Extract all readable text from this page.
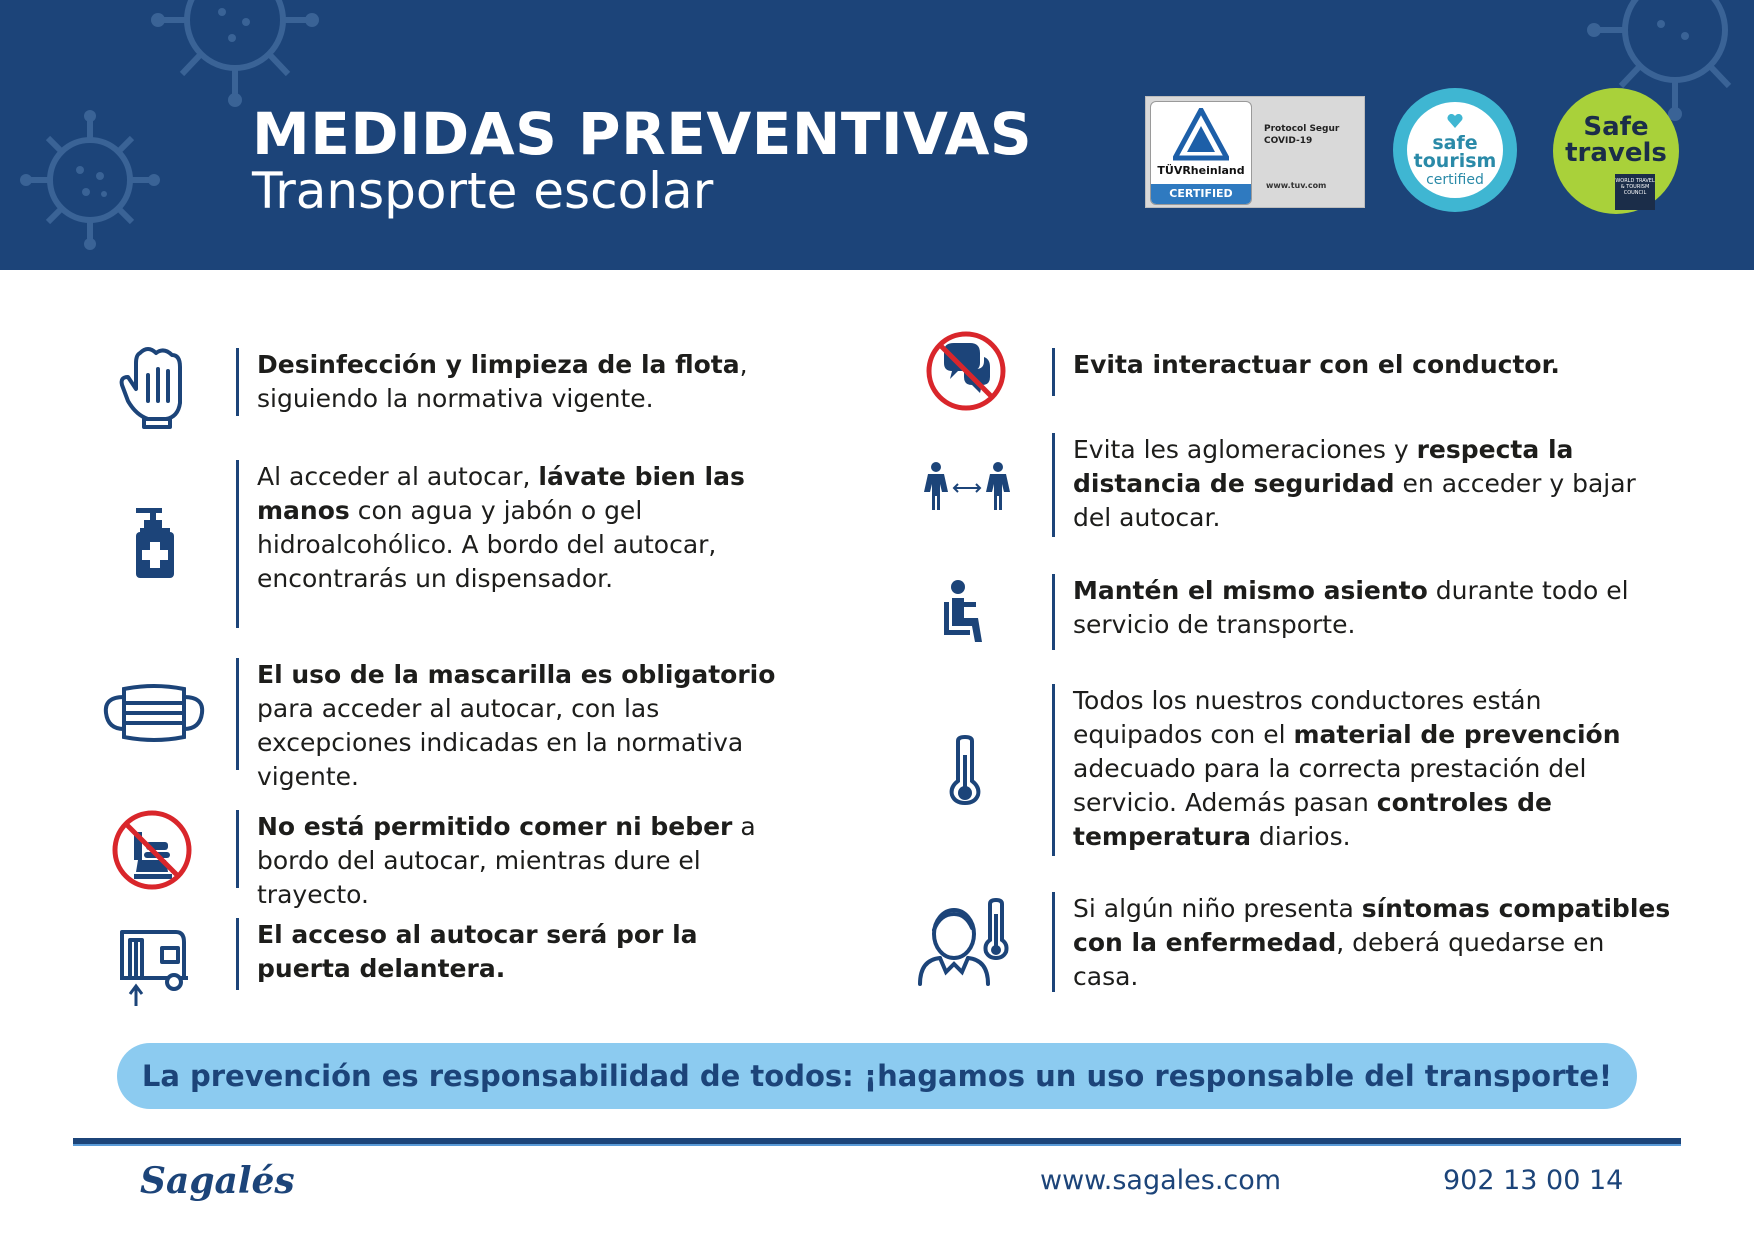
MEDIDAS PREVENTIVAS
Transporte escolar	TÜVRheinland
CERTIFIED
Protocol Segur COVID-19
www.tuv.com
safe
tourism
certified
Safe
travels
WORLD TRAVEL & TOURISM COUNCIL
Desinfección y limpieza de la flota, siguiendo la normativa vigente.
Al acceder al autocar, lávate bien las manos con agua y jabón o gel hidroalcohólico. A bordo del autocar, encontrarás un dispensador.
El uso de la mascarilla es obligatorio para acceder al autocar, con las excepciones indicadas en la normativa vigente.
No está permitido comer ni beber a bordo del autocar, mientras dure el trayecto.
El acceso al autocar será por la puerta delantera.
Evita interactuar con el conductor.
Evita les aglomeraciones y respecta la distancia de seguridad en acceder y bajar del autocar.
Mantén el mismo asiento durante todo el servicio de transporte.
Todos los nuestros conductores están equipados con el material de prevención adecuado para la correcta prestación del servicio. Además pasan controles de temperatura diarios.
Si algún niño presenta síntomas compatibles con la enfermedad, deberá quedarse en casa.
La prevención es responsabilidad de todos: ¡hagamos un uso responsable del transporte!
Sagalés	www.sagales.com	902 13 00 14
